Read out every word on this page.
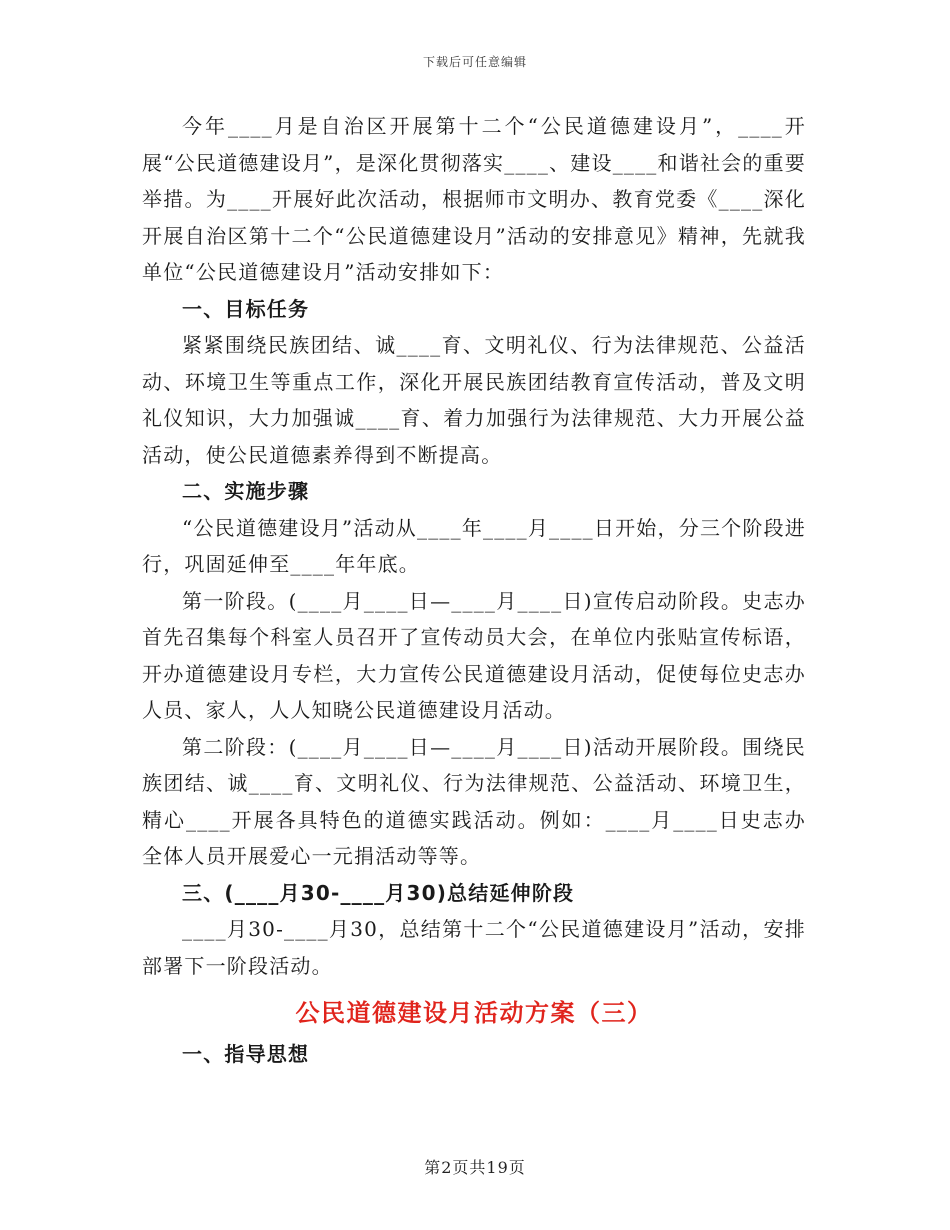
下载后可任意编辑

今年____月是自治区开展第十二个“公民道德建设月”，____开展“公民道德建设月”，是深化贯彻落实____、建设____和谐社会的重要举措。为____开展好此次活动，根据师市文明办、教育党委《____深化开展自治区第十二个“公民道德建设月”活动的安排意见》精神，先就我单位“公民道德建设月”活动安排如下：

一、目标任务

紧紧围绕民族团结、诚____育、文明礼仪、行为法律规范、公益活动、环境卫生等重点工作，深化开展民族团结教育宣传活动，普及文明礼仪知识，大力加强诚____育、着力加强行为法律规范、大力开展公益活动，使公民道德素养得到不断提高。

二、实施步骤

“公民道德建设月”活动从____年____月____日开始，分三个阶段进行，巩固延伸至____年年底。

第一阶段。(____月____日—____月____日)宣传启动阶段。史志办首先召集每个科室人员召开了宣传动员大会，在单位内张贴宣传标语，开办道德建设月专栏，大力宣传公民道德建设月活动，促使每位史志办人员、家人，人人知晓公民道德建设月活动。

第二阶段：(____月____日—____月____日)活动开展阶段。围绕民族团结、诚____育、文明礼仪、行为法律规范、公益活动、环境卫生，精心____开展各具特色的道德实践活动。例如：____月____日史志办全体人员开展爱心一元捐活动等等。

三、(____月30-____月30)总结延伸阶段

____月30-____月30，总结第十二个“公民道德建设月”活动，安排部署下一阶段活动。

公民道德建设月活动方案（三）

一、指导思想

第2页共19页
